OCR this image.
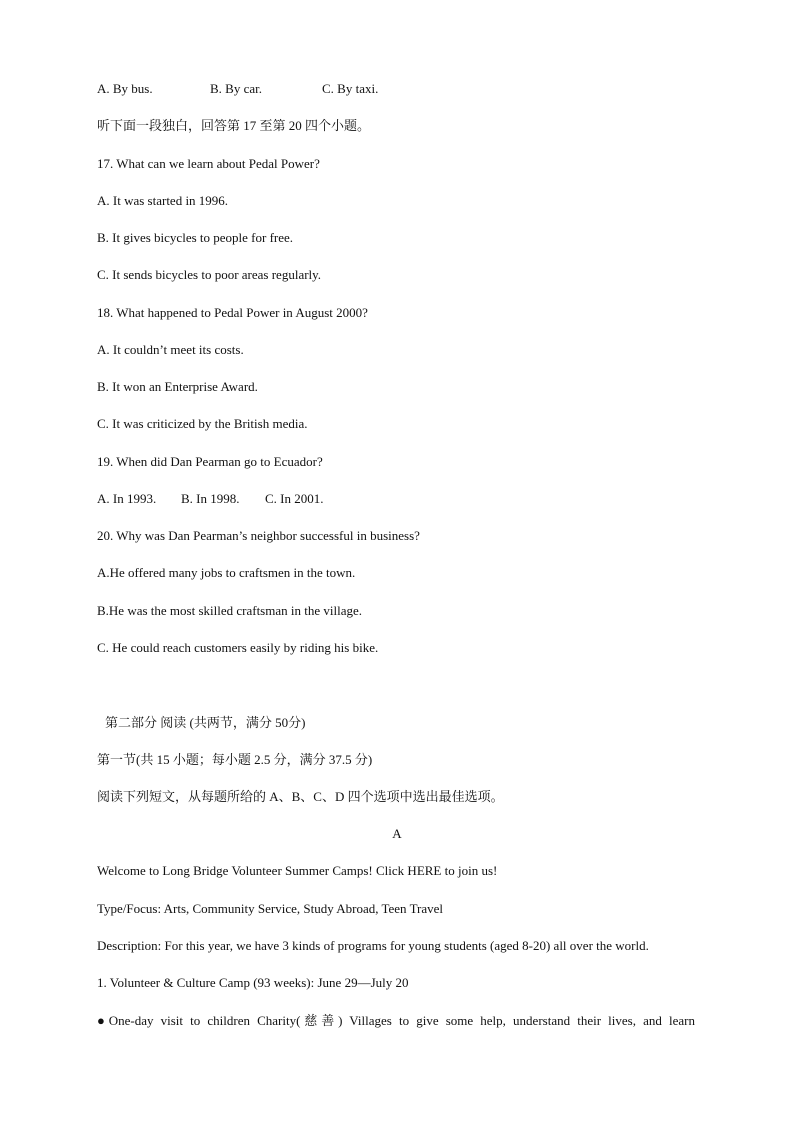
A. By bus.	B. By car.	C. By taxi.
听下面一段独白，回答第 17 至第 20 四个小题。
17. What can we learn about Pedal Power?
A. It was started in 1996.
B. It gives bicycles to people for free.
C. It sends bicycles to poor areas regularly.
18. What happened to Pedal Power in August 2000?
A. It couldn’t meet its costs.
B. It won an Enterprise Award.
C. It was criticized by the British media.
19. When did Dan Pearman go to Ecuador?
A. In 1993. B. In 1998. C. In 2001.
20. Why was Dan Pearman’s neighbor successful in business?
A.He offered many jobs to craftsmen in the town.
B.He was the most skilled craftsman in the village.
C. He could reach customers easily by riding his bike.
第二部分 阅读 (共两节，满分 50分)
第一节(共 15 小题；每小题 2.5 分，满分 37.5 分)
阅读下列短文，从每题所给的 A、B、C、D 四个选项中选出最佳选项。
A
Welcome to Long Bridge Volunteer Summer Camps! Click HERE to join us!
Type/Focus: Arts, Community Service, Study Abroad, Teen Travel
Description: For this year, we have 3 kinds of programs for young students (aged 8-20) all over the world.
1. Volunteer & Culture Camp (93 weeks): June 29—July 20
●One-day visit to children Charity(慈善) Villages to give some help, understand their lives, and learn
